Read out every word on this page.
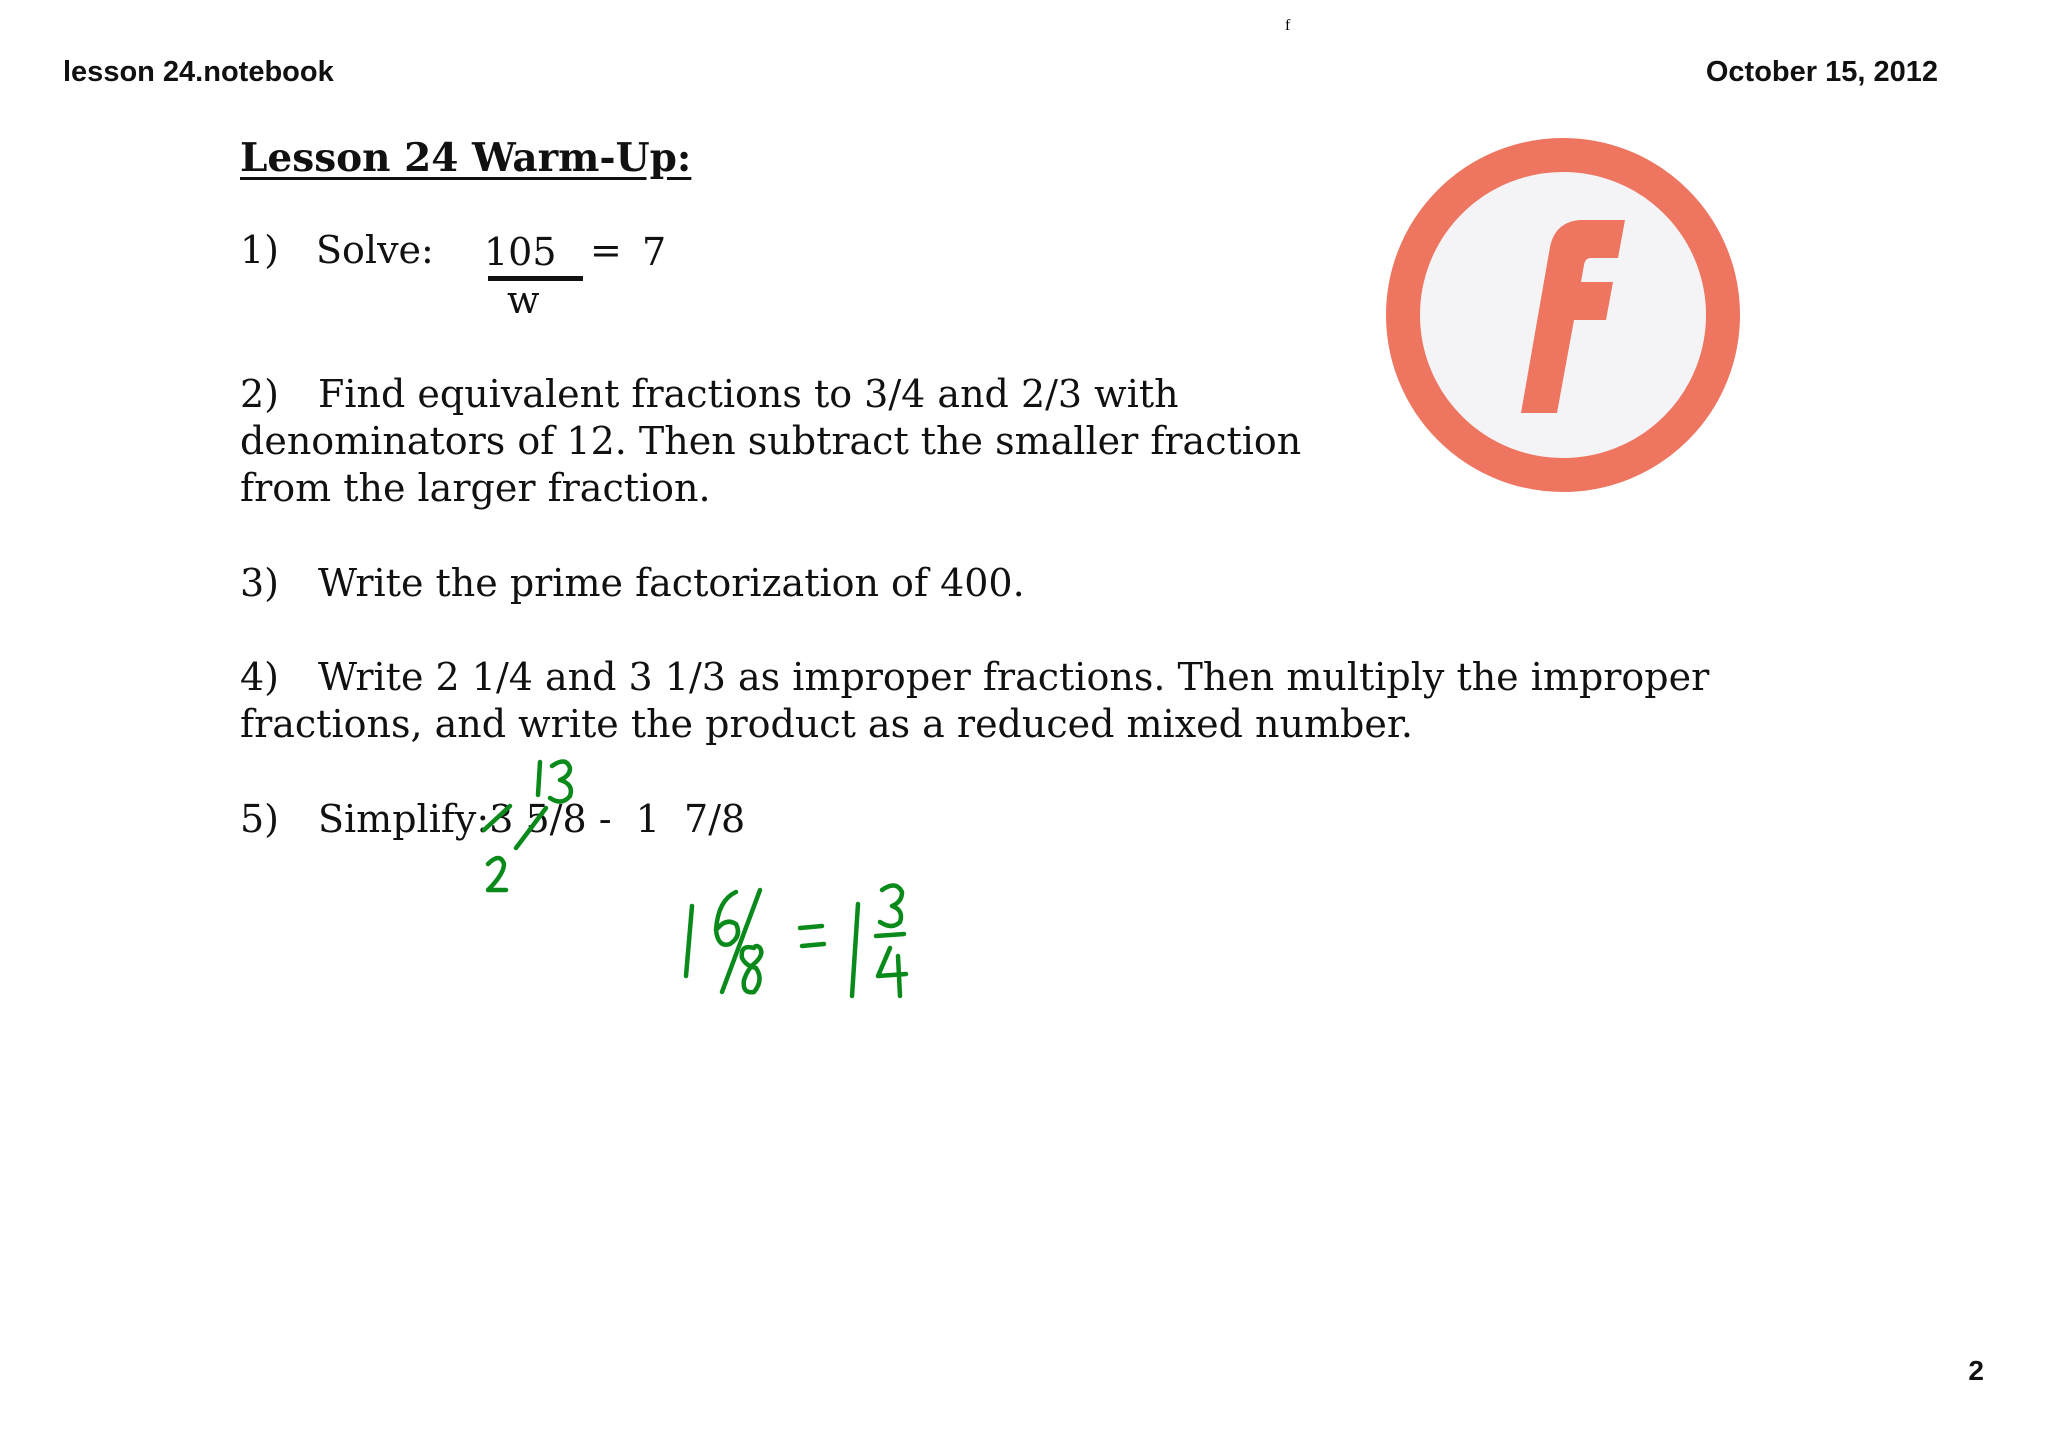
lesson 24.notebook	October 15, 2012
Lesson 24 Warm-Up:
1) Solve: 105
w
= 7
2) Find equivalent fractions to 3/4 and 2/3 with
denominators of 12. Then subtract the smaller fraction
from the larger fraction.
3) Write the prime factorization of 400.
4) Write 2 1/4 and 3 1/3 as improper fractions. Then multiply the improper
fractions, and write the product as a reduced mixed number.
5) Simplify:3 5/8 -  1  7/8
f
2
